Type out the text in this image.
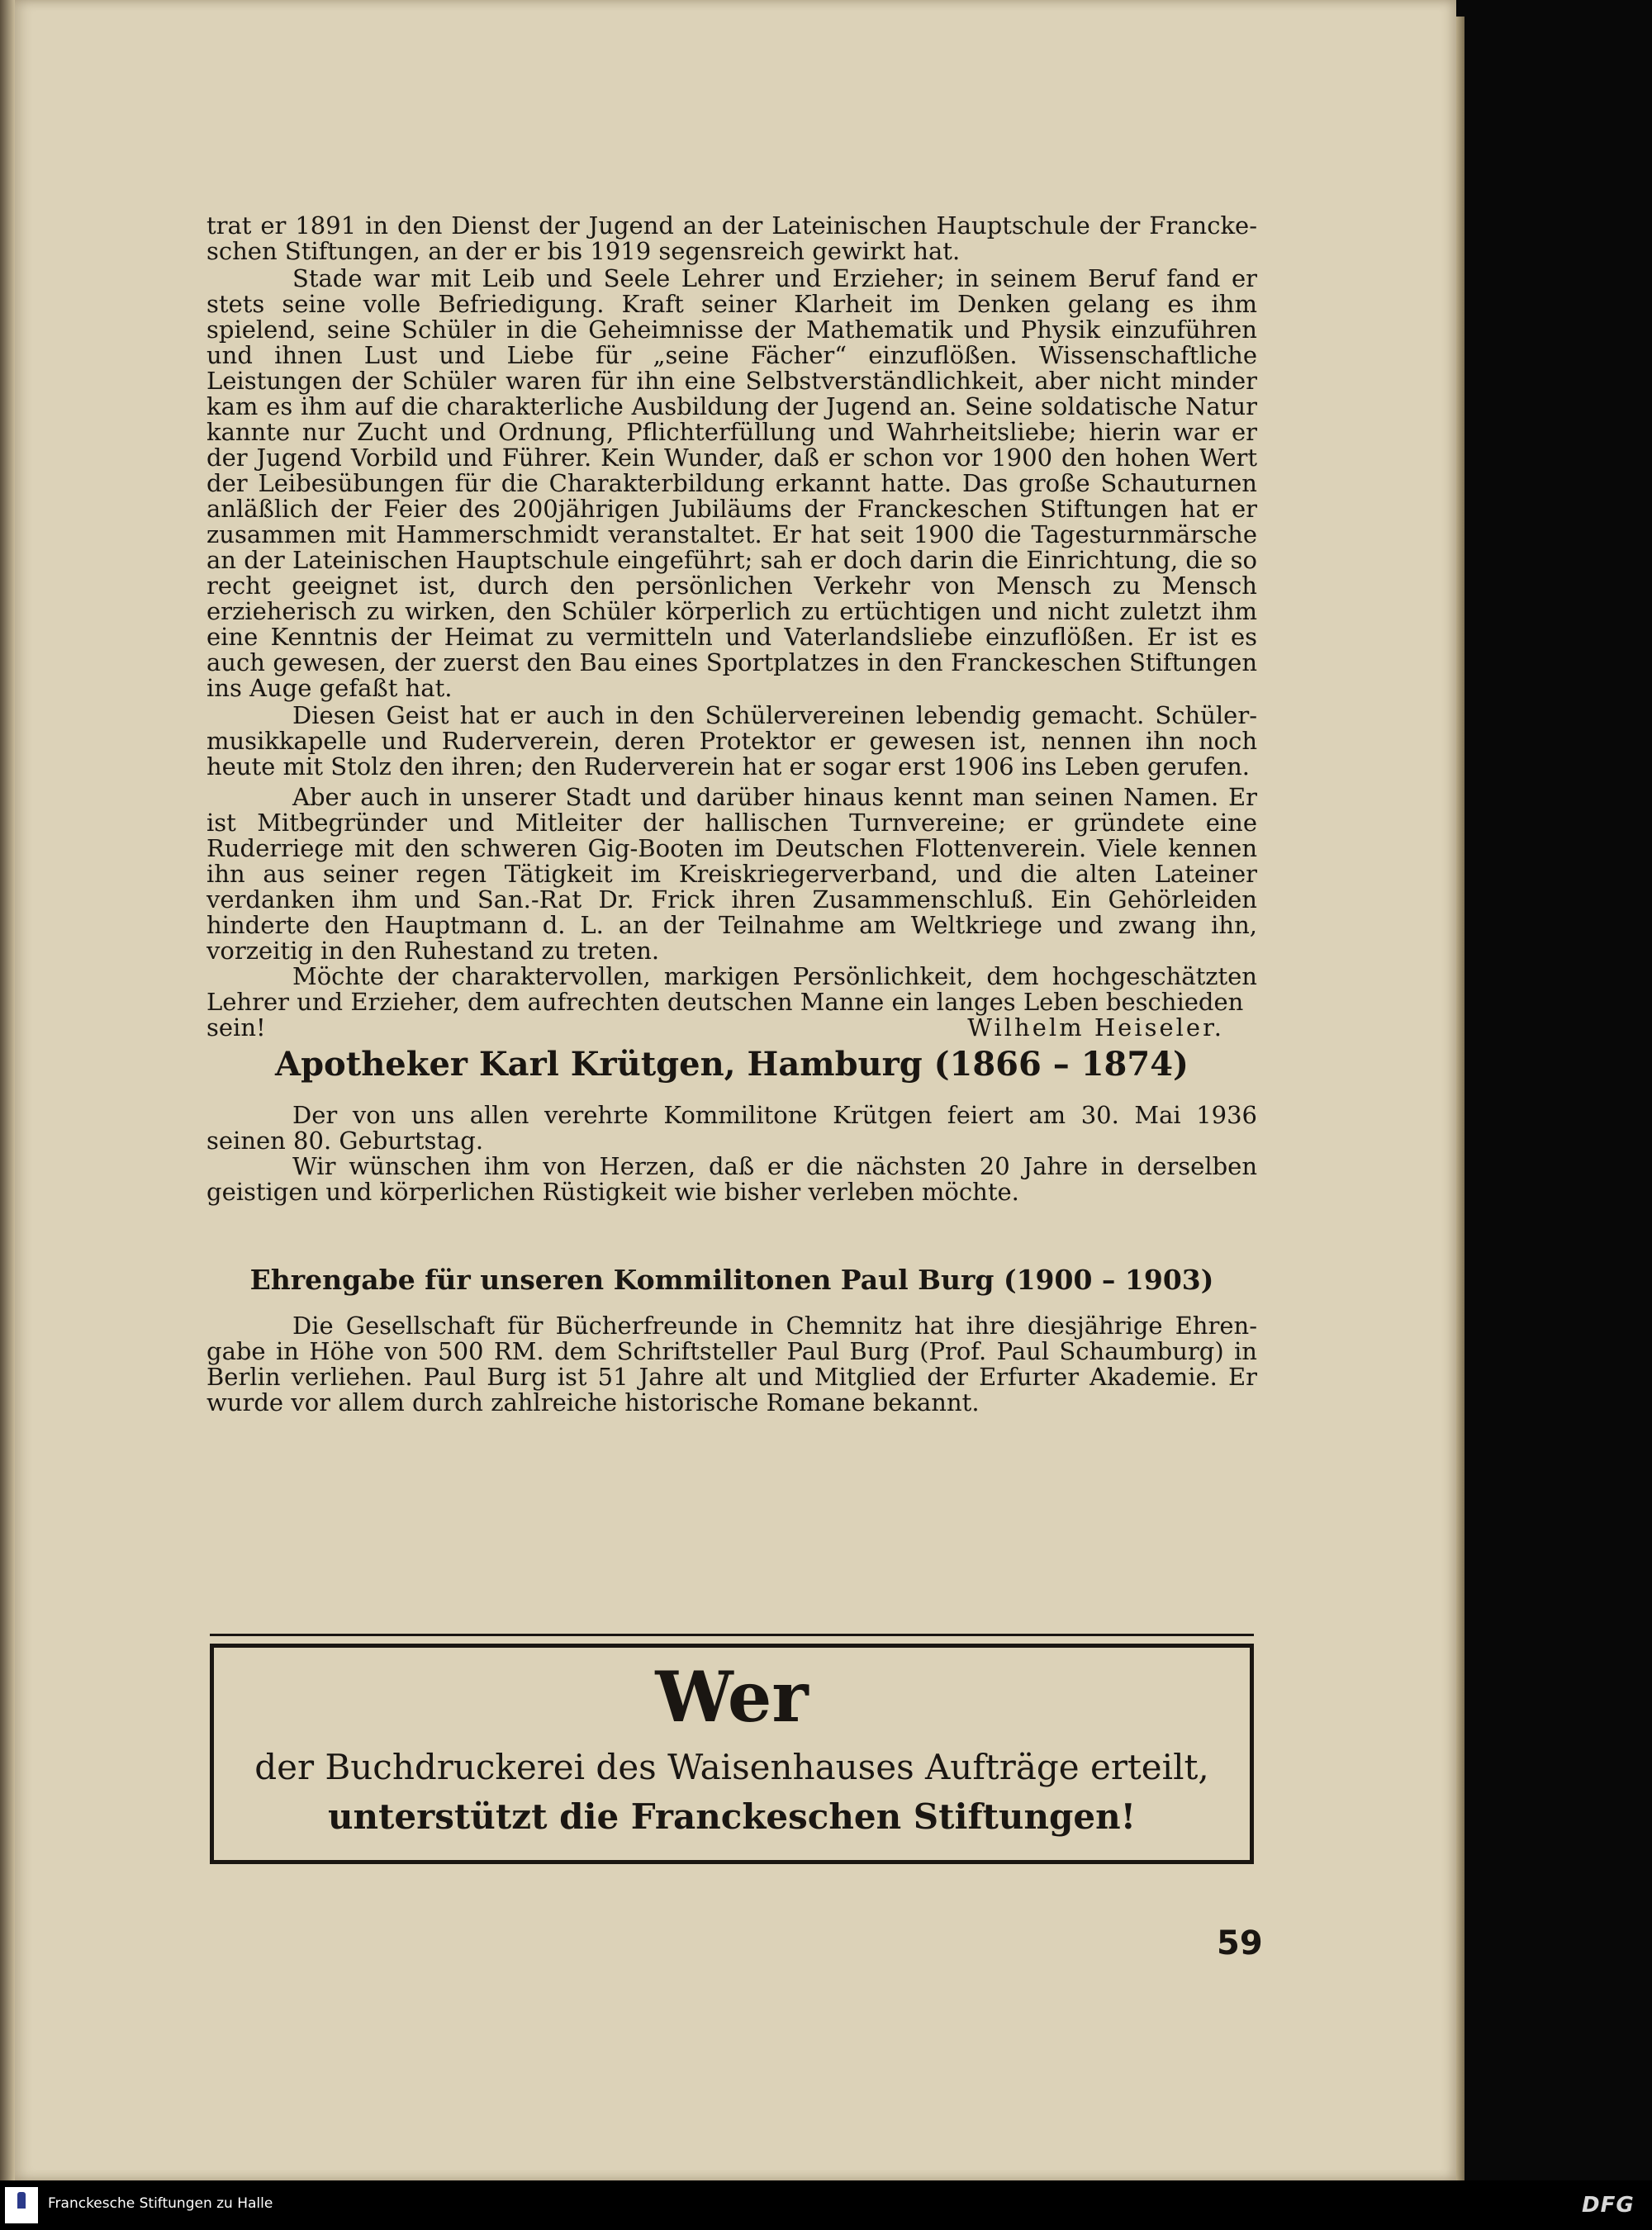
trat er 1891 in den Dienst der Jugend an der Lateinischen Hauptschule der Francke-schen Stiftungen, an der er bis 1919 segensreich gewirkt hat.

Stade war mit Leib und Seele Lehrer und Erzieher; in seinem Beruf fand er stets seine volle Befriedigung. Kraft seiner Klarheit im Denken gelang es ihm spielend, seine Schüler in die Geheimnisse der Mathematik und Physik einzuführen und ihnen Lust und Liebe für „seine Fächer“ einzuflößen. Wissenschaftliche Leistungen der Schüler waren für ihn eine Selbstverständlichkeit, aber nicht minder kam es ihm auf die charakterliche Ausbildung der Jugend an. Seine soldatische Natur kannte nur Zucht und Ordnung, Pflichterfüllung und Wahrheitsliebe; hierin war er der Jugend Vorbild und Führer. Kein Wunder, daß er schon vor 1900 den hohen Wert der Leibesübungen für die Charakterbildung erkannt hatte. Das große Schauturnen anläßlich der Feier des 200jährigen Jubiläums der Franckeschen Stiftungen hat er zusammen mit Hammerschmidt veranstaltet. Er hat seit 1900 die Tagesturnmärsche an der Lateinischen Hauptschule eingeführt; sah er doch darin die Einrichtung, die so recht geeignet ist, durch den persönlichen Verkehr von Mensch zu Mensch erzieherisch zu wirken, den Schüler körperlich zu ertüchtigen und nicht zuletzt ihm eine Kenntnis der Heimat zu vermitteln und Vaterlandsliebe einzuflößen. Er ist es auch gewesen, der zuerst den Bau eines Sportplatzes in den Franckeschen Stiftungen ins Auge gefaßt hat.

Diesen Geist hat er auch in den Schülervereinen lebendig gemacht. Schüler-musikkapelle und Ruderverein, deren Protektor er gewesen ist, nennen ihn noch heute mit Stolz den ihren; den Ruderverein hat er sogar erst 1906 ins Leben gerufen.

Aber auch in unserer Stadt und darüber hinaus kennt man seinen Namen. Er ist Mitbegründer und Mitleiter der hallischen Turnvereine; er gründete eine Ruderriege mit den schweren Gig-Booten im Deutschen Flottenverein. Viele kennen ihn aus seiner regen Tätigkeit im Kreiskriegerverband, und die alten Lateiner verdanken ihm und San.-Rat Dr. Frick ihren Zusammenschluß. Ein Gehörleiden hinderte den Hauptmann d. L. an der Teilnahme am Weltkriege und zwang ihn, vorzeitig in den Ruhestand zu treten.

Möchte der charaktervollen, markigen Persönlichkeit, dem hochgeschätzten Lehrer und Erzieher, dem aufrechten deutschen Manne ein langes Leben beschieden

sein!	Wilhelm Heiseler.
Apotheker Karl Krütgen, Hamburg (1866 – 1874)

Der von uns allen verehrte Kommilitone Krütgen feiert am 30. Mai 1936 seinen 80. Geburtstag.

Wir wünschen ihm von Herzen, daß er die nächsten 20 Jahre in derselben geistigen und körperlichen Rüstigkeit wie bisher verleben möchte.

Ehrengabe für unseren Kommilitonen Paul Burg (1900 – 1903)

Die Gesellschaft für Bücherfreunde in Chemnitz hat ihre diesjährige Ehren-gabe in Höhe von 500 RM. dem Schriftsteller Paul Burg (Prof. Paul Schaumburg) in Berlin verliehen. Paul Burg ist 51 Jahre alt und Mitglied der Erfurter Akademie. Er wurde vor allem durch zahlreiche historische Romane bekannt.

Wer
der Buchdruckerei des Waisenhauses Aufträge erteilt,
unterstützt die Franckeschen Stiftungen!
59
Franckesche Stiftungen zu Halle	DFG
